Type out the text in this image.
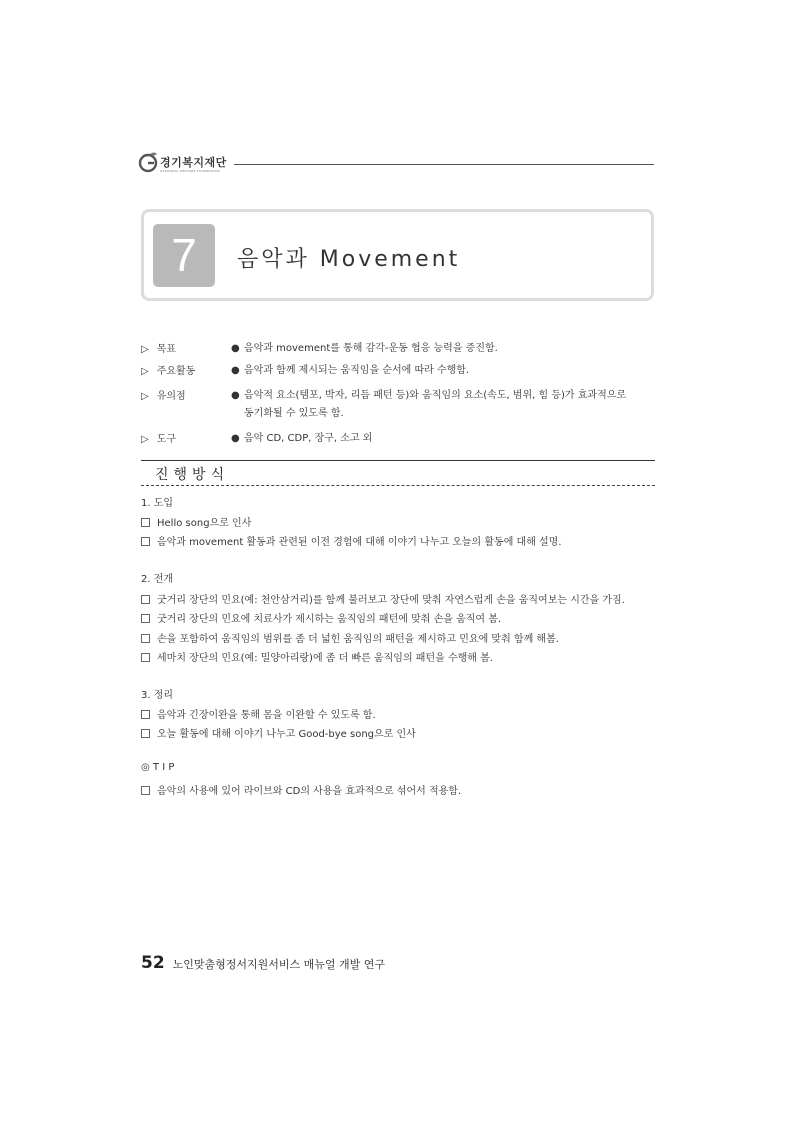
경기복지재단
GYEONGGI WELFARE FOUNDATION
7	음악과 Movement
▷ 목표	● 음악과 movement를 통해 감각-운동 협응 능력을 증진함.
▷ 주요활동	● 음악과 함께 제시되는 움직임을 순서에 따라 수행함.
▷ 유의점	● 음악적 요소(템포, 박자, 리듬 패턴 등)와 움직임의 요소(속도, 범위, 힘 등)가 효과적으로
동기화될 수 있도록 함.
▷ 도구	● 음악 CD, CDP, 장구, 소고 외
진행방식
1. 도입
Hello song으로 인사
음악과 movement 활동과 관련된 이전 경험에 대해 이야기 나누고 오늘의 활동에 대해 설명.
2. 전개
굿거리 장단의 민요(예: 천안삼거리)를 함께 불러보고 장단에 맞춰 자연스럽게 손을 움직여보는 시간을 가짐.
굿거리 장단의 민요에 치료사가 제시하는 움직임의 패턴에 맞춰 손을 움직여 봄.
손을 포함하여 움직임의 범위를 좀 더 넓힌 움직임의 패턴을 제시하고 민요에 맞춰 함께 해봄.
세마치 장단의 민요(예: 밀양아리랑)에 좀 더 빠른 움직임의 패턴을 수행해 봄.
3. 정리
음악과 긴장이완을 통해 몸을 이완할 수 있도록 함.
오늘 활동에 대해 이야기 나누고 Good-bye song으로 인사
◎ T I P
음악의 사용에 있어 라이브와 CD의 사용을 효과적으로 섞어서 적용함.
52 노인맞춤형정서지원서비스 매뉴얼 개발 연구
